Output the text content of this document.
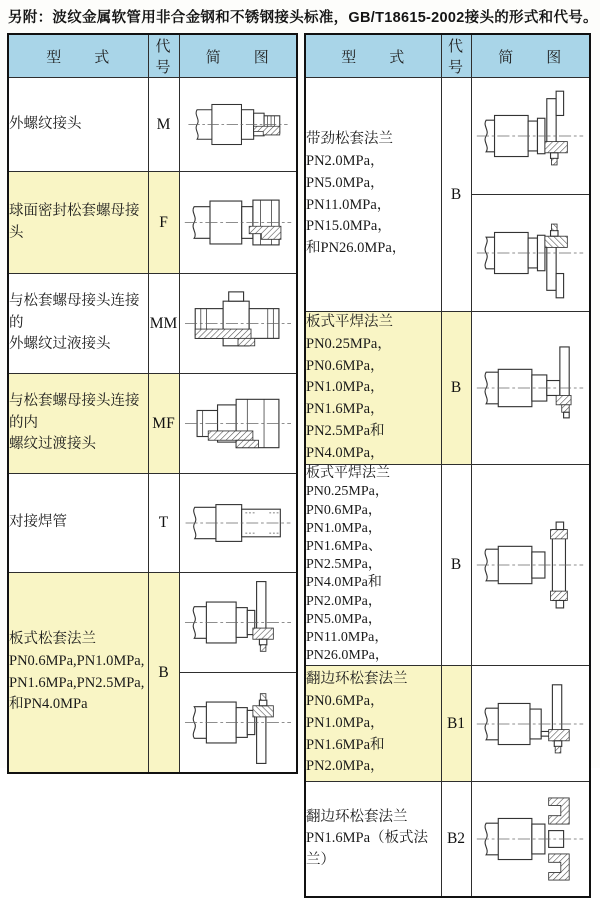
另附：波纹金属软管用非合金钢和不锈钢接头标准，GB/T18615-2002接头的形式和代号。
型　　式	代号	简　　图

外螺纹接头	M	

球面密封松套螺母接头	F	

与松套螺母接头连接的
外螺纹过液接头	MM	

与松套螺母接头连接的内
螺纹过渡接头	MF	

对接焊管	T	

板式松套法兰
PN0.6MPa,PN1.0MPa,
PN1.6MPa,PN2.5MPa,
和PN4.0MPa	B	
型　　式	代号	简　　图

带劲松套法兰
PN2.0MPa，PN5.0MPa，
PN11.0MPa，PN15.0MPa，
和PN26.0MPa，	B	

板式平焊法兰
PN0.25MPa，PN0.6MPa，
PN1.0MPa，PN1.6MPa，
PN2.5MPa和PN4.0MPa，	B	

板式平焊法兰
PN0.25MPa，PN0.6MPa，
PN1.0MPa，PN1.6MPa、
PN2.5MPa，PN4.0MPa和
PN2.0MPa，PN5.0MPa，
PN11.0MPa，PN26.0MPa，
	B	

翻边环松套法兰
PN0.6MPa，PN1.0MPa，
PN1.6MPa和PN2.0MPa，	B1	

翻边环松套法兰
PN1.6MPa（板式法兰）	B2	
